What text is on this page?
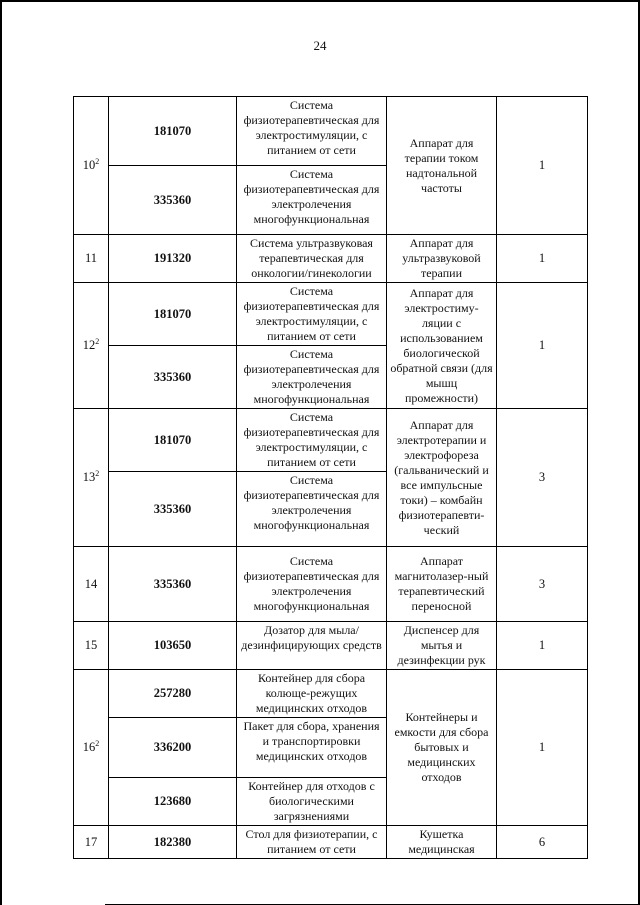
24
$10^2$	181070	Система физиотерапевтическая для электростимуляции, с питанием от сети	Аппарат для терапии током надтональной частоты	1
	335360	Система физиотерапевтическая для электролечения многофункциональная		
11	191320	Система ультразвуковая терапевтическая для онкологии/гинекологии	Аппарат для ультразвуковой терапии	1
$12^2$	181070	Система физиотерапевтическая для электростимуляции, с питанием от сети	Аппарат для электростиму-ляции с использованием биологической обратной связи (для мышц промежности)	1
	335360	Система физиотерапевтическая для электролечения многофункциональная		
$13^2$	181070	Система физиотерапевтическая для электростимуляции, с питанием от сети	Аппарат для электротерапии и электрофореза (гальванический и все импульсные токи) – комбайн физиотерапевти-ческий	3
	335360	Система физиотерапевтическая для электролечения многофункциональная		
14	335360	Система физиотерапевтическая для электролечения многофункциональная	Аппарат магнитолазер-ный терапевтический переносной	3
15	103650	Дозатор для мыла/ дезинфицирующих средств	Диспенсер для мытья и дезинфекции рук	1
$16^2$	257280	Контейнер для сбора колюще-режущих медицинских отходов	Контейнеры и емкости для сбора бытовых и медицинских отходов	1
	336200	Пакет для сбора, хранения и транспортировки медицинских отходов		
	123680	Контейнер для отходов с биологическими загрязнениями		
17	182380	Стол для физиотерапии, с питанием от сети	Кушетка медицинская	6
